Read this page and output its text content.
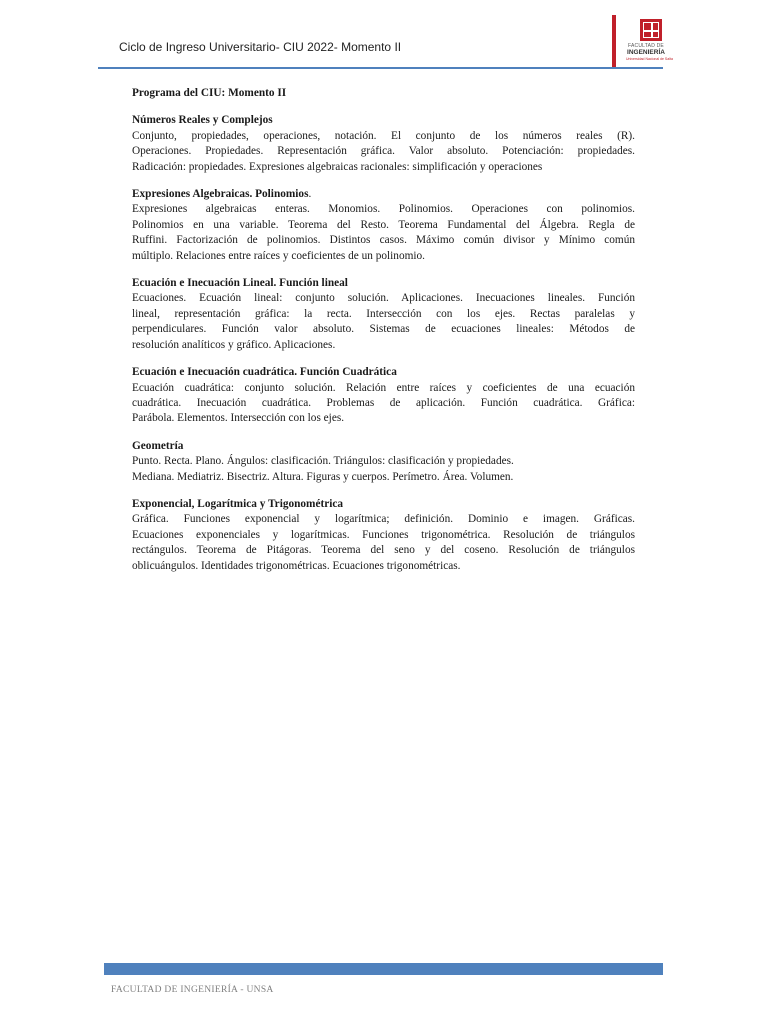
Ciclo de Ingreso Universitario- CIU 2022- Momento II	FACULTAD DE
INGENIERÍA
Universidad Nacional de Salta
Programa del CIU: Momento II
Números Reales y Complejos
Conjunto, propiedades, operaciones, notación. El conjunto de los números reales (R).
Operaciones. Propiedades. Representación gráfica. Valor absoluto. Potenciación: propiedades.
Radicación: propiedades. Expresiones algebraicas racionales: simplificación y operaciones
Expresiones Algebraicas. Polinomios.
Expresiones algebraicas enteras. Monomios. Polinomios. Operaciones con polinomios.
Polinomios en una variable. Teorema del Resto. Teorema Fundamental del Álgebra. Regla de
Ruffini. Factorización de polinomios. Distintos casos. Máximo común divisor y Mínimo común
múltiplo. Relaciones entre raíces y coeficientes de un polinomio.
Ecuación e Inecuación Lineal. Función lineal
Ecuaciones. Ecuación lineal: conjunto solución. Aplicaciones. Inecuaciones lineales. Función
lineal, representación gráfica: la recta. Intersección con los ejes. Rectas paralelas y
perpendiculares. Función valor absoluto. Sistemas de ecuaciones lineales: Métodos de
resolución analíticos y gráfico. Aplicaciones.
Ecuación e Inecuación cuadrática. Función Cuadrática
Ecuación cuadrática: conjunto solución. Relación entre raíces y coeficientes de una ecuación
cuadrática. Inecuación cuadrática. Problemas de aplicación. Función cuadrática. Gráfica:
Parábola. Elementos. Intersección con los ejes.
Geometría
Punto. Recta. Plano. Ángulos: clasificación. Triángulos: clasificación y propiedades.
Mediana. Mediatriz. Bisectriz. Altura. Figuras y cuerpos. Perímetro. Área. Volumen.
Exponencial, Logarítmica y Trigonométrica
Gráfica. Funciones exponencial y logarítmica; definición. Dominio e imagen. Gráficas.
Ecuaciones exponenciales y logarítmicas. Funciones trigonométrica. Resolución de triángulos
rectángulos. Teorema de Pitágoras. Teorema del seno y del coseno. Resolución de triángulos
oblicuángulos. Identidades trigonométricas. Ecuaciones trigonométricas.
FACULTAD DE INGENIERÍA - UNSA
